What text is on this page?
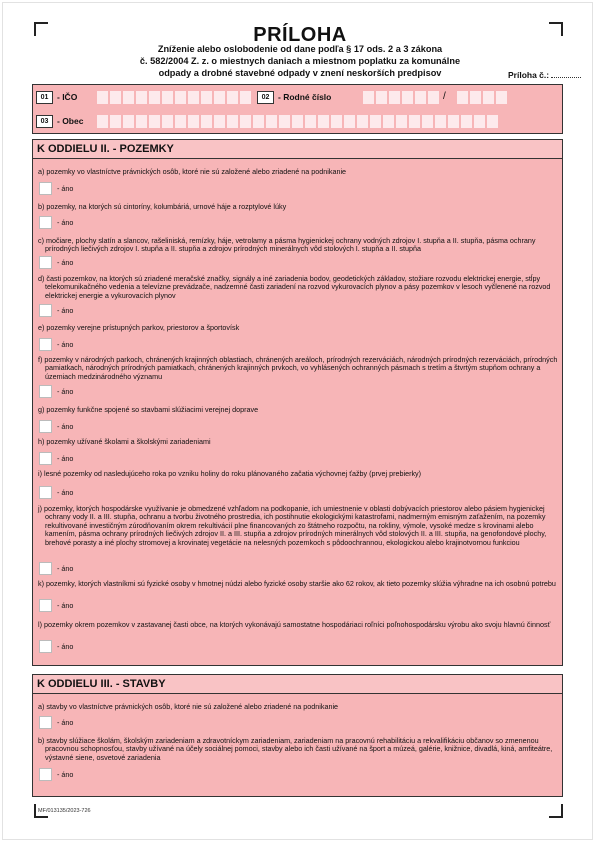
PRÍLOHA
Zníženie alebo oslobodenie od dane podľa § 17 ods. 2 a 3 zákona
č. 582/2004 Z. z. o miestnych daniach a miestnom poplatku za komunálne
odpady a drobné stavebné odpady v znení neskorších predpisov	Príloha č.:
01	- IČO	02	- Rodné číslo	/
03	- Obec
K ODDIELU II. - POZEMKY
K ODDIELU III. - STAVBY
a) pozemky vo vlastníctve právnických osôb, ktoré nie sú založené alebo zriadené na podnikanie
- áno
b) pozemky, na ktorých sú cintoríny, kolumbáriá, urnové háje a rozptylové lúky
- áno
c) močiare, plochy slatín a slancov, rašeliniská, remízky, háje, vetrolamy a pásma hygienickej ochrany vodných zdrojov I. stupňa a II. stupňa, pásma ochrany prírodných liečivých zdrojov I. stupňa a II. stupňa a zdrojov prírodných minerálnych vôd stolových I. stupňa a II. stupňa
- áno
d) časti pozemkov, na ktorých sú zriadené meračské značky, signály a iné zariadenia bodov, geodetických základov, stožiare rozvodu elektrickej energie, stĺpy telekomunikačného vedenia a televízne prevádzače, nadzemné časti zariadení na rozvod vykurovacích plynov a pásy pozemkov v lesoch vyčlenené na rozvod elektrickej energie a vykurovacích plynov
- áno
e) pozemky verejne prístupných parkov, priestorov a športovísk
- áno
f) pozemky v národných parkoch, chránených krajinných oblastiach, chránených areáloch, prírodných rezerváciách, národných prírodných rezerváciách, prírodných pamiatkach, národných prírodných pamiatkach, chránených krajinných prvkoch, vo vyhlásených ochranných pásmach s tretím a štvrtým stupňom ochrany a územiach medzinárodného významu
- áno
g) pozemky funkčne spojené so stavbami slúžiacimi verejnej doprave
- áno
h) pozemky užívané školami a školskými zariadeniami
- áno
i) lesné pozemky od nasledujúceho roka po vzniku holiny do roku plánovaného začatia výchovnej ťažby (prvej prebierky)
- áno
j) pozemky, ktorých hospodárske využívanie je obmedzené vzhľadom na podkopanie, ich umiestnenie v oblasti dobývacích priestorov alebo pásiem hygienickej ochrany vody II. a III. stupňa, ochranu a tvorbu životného prostredia, ich postihnutie ekologickými katastrofami, nadmerným emisným zaťažením, na pozemky rekultivované investičným zúrodňovaním okrem rekultivácií plne financovaných zo štátneho rozpočtu, na rokliny, výmole, vysoké medze s krovinami alebo kamením, pásma ochrany prírodných liečivých zdrojov II. a III. stupňa a zdrojov prírodných minerálnych vôd stolových II. a III. stupňa, na genofondové plochy, brehové porasty a iné plochy stromovej a krovinatej vegetácie na nelesných pozemkoch s pôdoochrannou, ekologickou alebo krajinotvornou funkciou
- áno
k) pozemky, ktorých vlastníkmi sú fyzické osoby v hmotnej núdzi alebo fyzické osoby staršie ako 62 rokov, ak tieto pozemky slúžia výhradne na ich osobnú potrebu
- áno
l) pozemky okrem pozemkov v zastavanej časti obce, na ktorých vykonávajú samostatne hospodáriaci roľníci poľnohospodársku výrobu ako svoju hlavnú činnosť
- áno
a) stavby vo vlastníctve právnických osôb, ktoré nie sú založené alebo zriadené na podnikanie
- áno
b) stavby slúžiace školám, školským zariadeniam a zdravotníckym zariadeniam, zariadeniam na pracovnú rehabilitáciu a rekvalifikáciu občanov so zmenenou pracovnou schopnosťou, stavby užívané na účely sociálnej pomoci, stavby alebo ich časti užívané na šport a múzeá, galérie, knižnice, divadlá, kiná, amfiteátre, výstavné siene, osvetové zariadenia
- áno
MF/013135/2023-726
